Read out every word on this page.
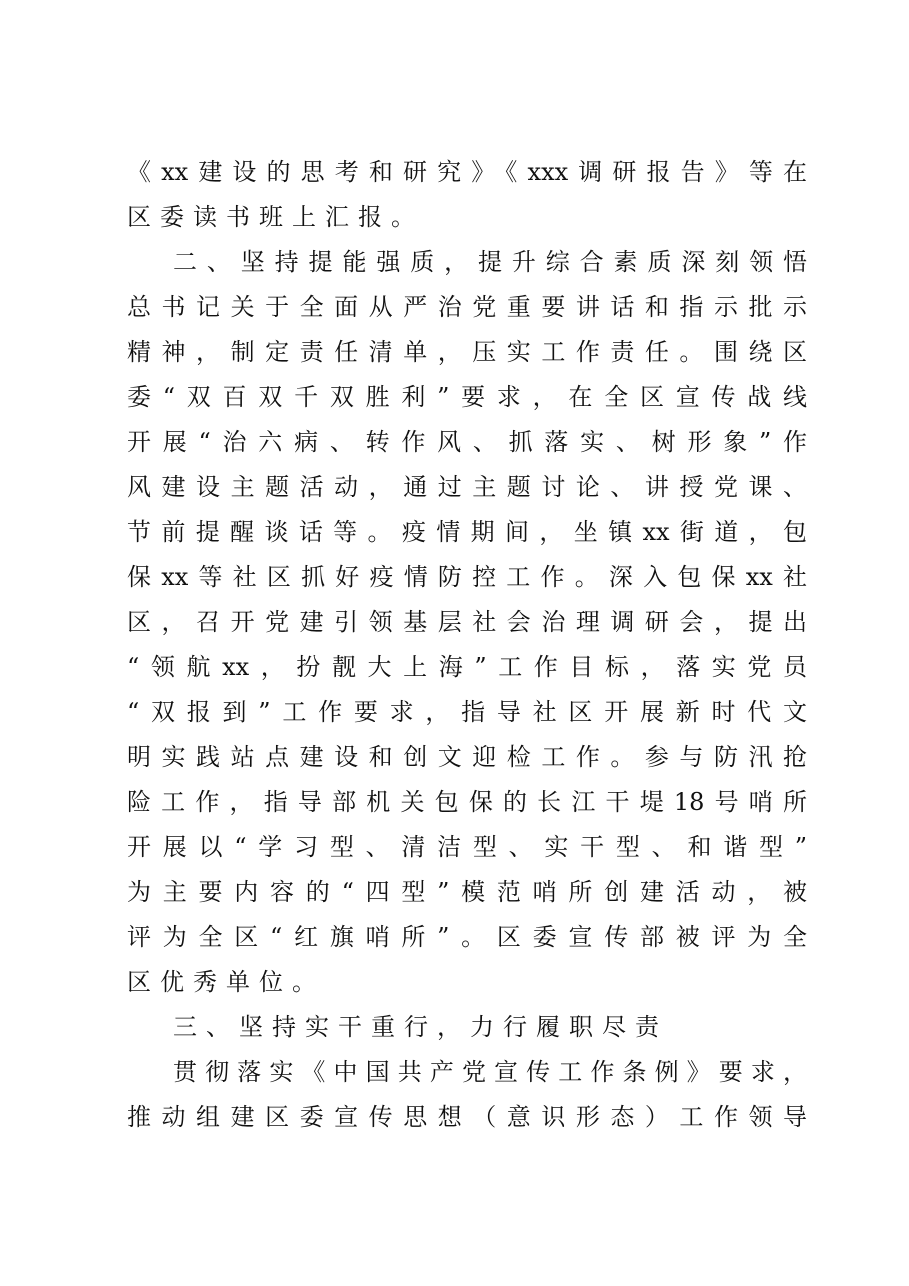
《xx建设的思考和研究》《xxx调研报告》等在
区委读书班上汇报。
二、坚持提能强质，提升综合素质深刻领悟
总书记关于全面从严治党重要讲话和指示批示
精神，制定责任清单，压实工作责任。围绕区
委“双百双千双胜利”要求，在全区宣传战线
开展“治六病、转作风、抓落实、树形象”作
风建设主题活动，通过主题讨论、讲授党课、
节前提醒谈话等。疫情期间，坐镇xx街道，包
保xx等社区抓好疫情防控工作。深入包保xx社
区，召开党建引领基层社会治理调研会，提出
“领航xx，扮靓大上海”工作目标，落实党员
“双报到”工作要求，指导社区开展新时代文
明实践站点建设和创文迎检工作。参与防汛抢
险工作，指导部机关包保的长江干堤18号哨所
开展以“学习型、清洁型、实干型、和谐型”
为主要内容的“四型”模范哨所创建活动，被
评为全区“红旗哨所”。区委宣传部被评为全
区优秀单位。
三、坚持实干重行，力行履职尽责
贯彻落实《中国共产党宣传工作条例》要求，
推动组建区委宣传思想（意识形态）工作领导
